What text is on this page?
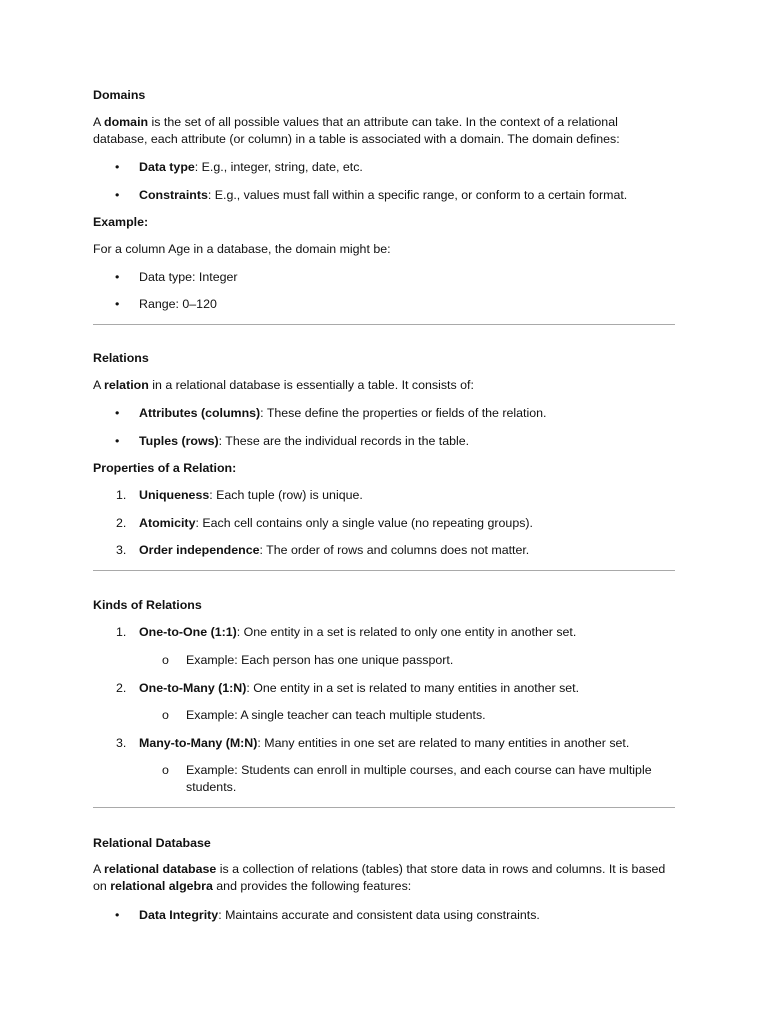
Domains
A domain is the set of all possible values that an attribute can take. In the context of a relational database, each attribute (or column) in a table is associated with a domain. The domain defines:
• Data type: E.g., integer, string, date, etc.
• Constraints: E.g., values must fall within a specific range, or conform to a certain format.
Example:
For a column Age in a database, the domain might be:
• Data type: Integer
• Range: 0–120
Relations
A relation in a relational database is essentially a table. It consists of:
• Attributes (columns): These define the properties or fields of the relation.
• Tuples (rows): These are the individual records in the table.
Properties of a Relation:
1. Uniqueness: Each tuple (row) is unique.
2. Atomicity: Each cell contains only a single value (no repeating groups).
3. Order independence: The order of rows and columns does not matter.
Kinds of Relations
1. One-to-One (1:1): One entity in a set is related to only one entity in another set.
o Example: Each person has one unique passport.
2. One-to-Many (1:N): One entity in a set is related to many entities in another set.
o Example: A single teacher can teach multiple students.
3. Many-to-Many (M:N): Many entities in one set are related to many entities in another set.
o Example: Students can enroll in multiple courses, and each course can have multiple students.
Relational Database
A relational database is a collection of relations (tables) that store data in rows and columns. It is based on relational algebra and provides the following features:
• Data Integrity: Maintains accurate and consistent data using constraints.
